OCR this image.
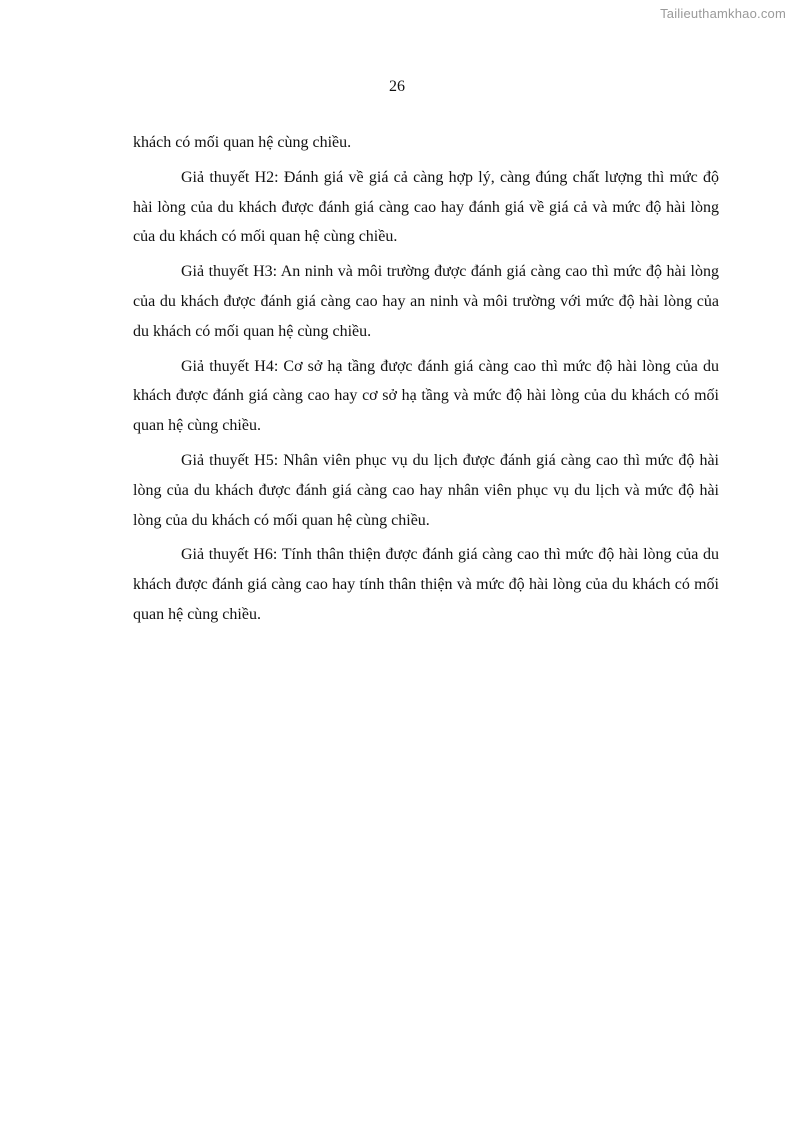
Tailieuthamkhao.com
26

khách có mối quan hệ cùng chiều.

Giả thuyết H2: Đánh giá về giá cả càng hợp lý, càng đúng chất lượng thì mức độ hài lòng của du khách được đánh giá càng cao hay đánh giá về giá cả và mức độ hài lòng của du khách có mối quan hệ cùng chiều.

Giả thuyết H3: An ninh và môi trường được đánh giá càng cao thì mức độ hài lòng của du khách được đánh giá càng cao hay an ninh và môi trường với mức độ hài lòng của du khách có mối quan hệ cùng chiều.

Giả thuyết H4: Cơ sở hạ tầng được đánh giá càng cao thì mức độ hài lòng của du khách được đánh giá càng cao hay cơ sở hạ tầng và mức độ hài lòng của du khách có mối quan hệ cùng chiều.

Giả thuyết H5: Nhân viên phục vụ du lịch được đánh giá càng cao thì mức độ hài lòng của du khách được đánh giá càng cao hay nhân viên phục vụ du lịch và mức độ hài lòng của du khách có mối quan hệ cùng chiều.

Giả thuyết H6: Tính thân thiện được đánh giá càng cao thì mức độ hài lòng của du khách được đánh giá càng cao hay tính thân thiện và mức độ hài lòng của du khách có mối quan hệ cùng chiều.
